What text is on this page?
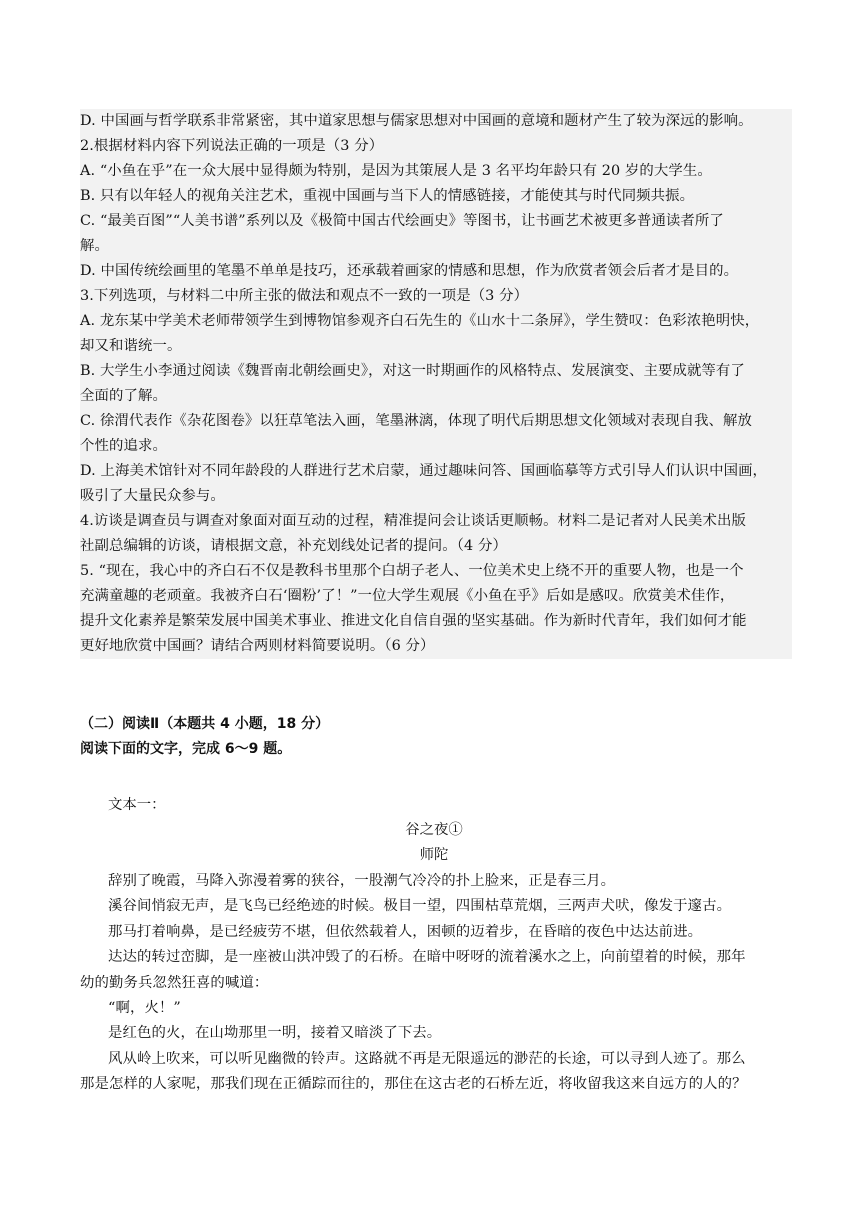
D. 中国画与哲学联系非常紧密，其中道家思想与儒家思想对中国画的意境和题材产生了较为深远的影响。
2.根据材料内容下列说法正确的一项是（3 分）
A. “小鱼在乎”在一众大展中显得颇为特别，是因为其策展人是 3 名平均年龄只有 20 岁的大学生。
B. 只有以年轻人的视角关注艺术，重视中国画与当下人的情感链接，才能使其与时代同频共振。
C. “最美百图”“人美书谱”系列以及《极简中国古代绘画史》等图书，让书画艺术被更多普通读者所了
解。
D. 中国传统绘画里的笔墨不单单是技巧，还承载着画家的情感和思想，作为欣赏者领会后者才是目的。
3.下列选项，与材料二中所主张的做法和观点不一致的一项是（3 分）
A. 龙东某中学美术老师带领学生到博物馆参观齐白石先生的《山水十二条屏》，学生赞叹：色彩浓艳明快，
却又和谐统一。
B. 大学生小李通过阅读《魏晋南北朝绘画史》，对这一时期画作的风格特点、发展演变、主要成就等有了
全面的了解。
C. 徐渭代表作《杂花图卷》以狂草笔法入画，笔墨淋漓，体现了明代后期思想文化领域对表现自我、解放
个性的追求。
D. 上海美术馆针对不同年龄段的人群进行艺术启蒙，通过趣味问答、国画临摹等方式引导人们认识中国画，
吸引了大量民众参与。
4.访谈是调查员与调查对象面对面互动的过程，精准提问会让谈话更顺畅。材料二是记者对人民美术出版
社副总编辑的访谈，请根据文意，补充划线处记者的提问。（4 分）
5. “现在，我心中的齐白石不仅是教科书里那个白胡子老人、一位美术史上绕不开的重要人物，也是一个
充满童趣的老顽童。我被齐白石‘圈粉’了！”一位大学生观展《小鱼在乎》后如是感叹。欣赏美术佳作，
提升文化素养是繁荣发展中国美术事业、推进文化自信自强的坚实基础。作为新时代青年，我们如何才能
更好地欣赏中国画？请结合两则材料简要说明。（6 分）
（二）阅读Ⅱ（本题共 4 小题，18 分）
阅读下面的文字，完成 6～9 题。
文本一：
谷之夜①
师陀
辞别了晚霞，马降入弥漫着雾的狭谷，一股潮气冷冷的扑上脸来，正是春三月。
溪谷间悄寂无声，是飞鸟已经绝迹的时候。极目一望，四围枯草荒烟，三两声犬吠，像发于邃古。
那马打着响鼻，是已经疲劳不堪，但依然载着人，困顿的迈着步，在昏暗的夜色中达达前进。
达达的转过峦脚，是一座被山洪冲毁了的石桥。在暗中呀呀的流着溪水之上，向前望着的时候，那年
幼的勤务兵忽然狂喜的喊道：
“啊，火！”
是红色的火，在山坳那里一明，接着又暗淡了下去。
风从岭上吹来，可以听见幽微的铃声。这路就不再是无限遥远的渺茫的长途，可以寻到人迹了。那么
那是怎样的人家呢，那我们现在正循踪而往的，那住在这古老的石桥左近，将收留我这来自远方的人的？
